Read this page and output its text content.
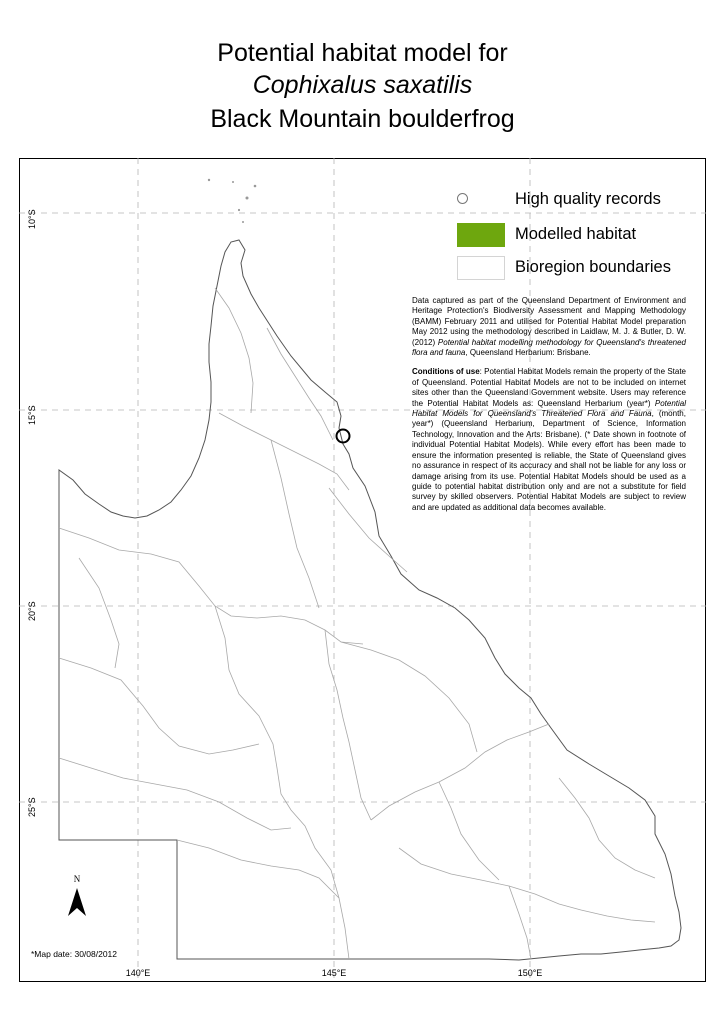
Potential habitat model for
Cophixalus saxatilis
Black Mountain boulderfrog
High quality records
Modelled habitat
Bioregion boundaries

Data captured as part of the Queensland Department of Environment and Heritage Protection's Biodiversity Assessment and Mapping Methodology (BAMM) February 2011 and utilised for Potential Habitat Model preparation May 2012 using the methodology described in Laidlaw, M. J. & Butler, D. W. (2012) Potential habitat modelling methodology for Queensland's threatened flora and fauna, Queensland Herbarium: Brisbane.

Conditions of use: Potential Habitat Models remain the property of the State of Queensland. Potential Habitat Models are not to be included on internet sites other than the Queensland Government website. Users may reference the Potential Habitat Models as: Queensland Herbarium (year*) Potential Habitat Models for Queensland's Threatened Flora and Fauna, (month, year*) (Queensland Herbarium, Department of Science, Information Technology, Innovation and the Arts: Brisbane). (* Date shown in footnote of individual Potential Habitat Models). While every effort has been made to ensure the information presented is reliable, the State of Queensland gives no assurance in respect of its accuracy and shall not be liable for any loss or damage arising from its use. Potential Habitat Models should be used as a guide to potential habitat distribution only and are not a substitute for field survey by skilled observers. Potential Habitat Models are subject to review and are updated as additional data becomes available.

10°S
15°S
20°S
25°S
140°E	145°E	150°E
N
*Map date: 30/08/2012
